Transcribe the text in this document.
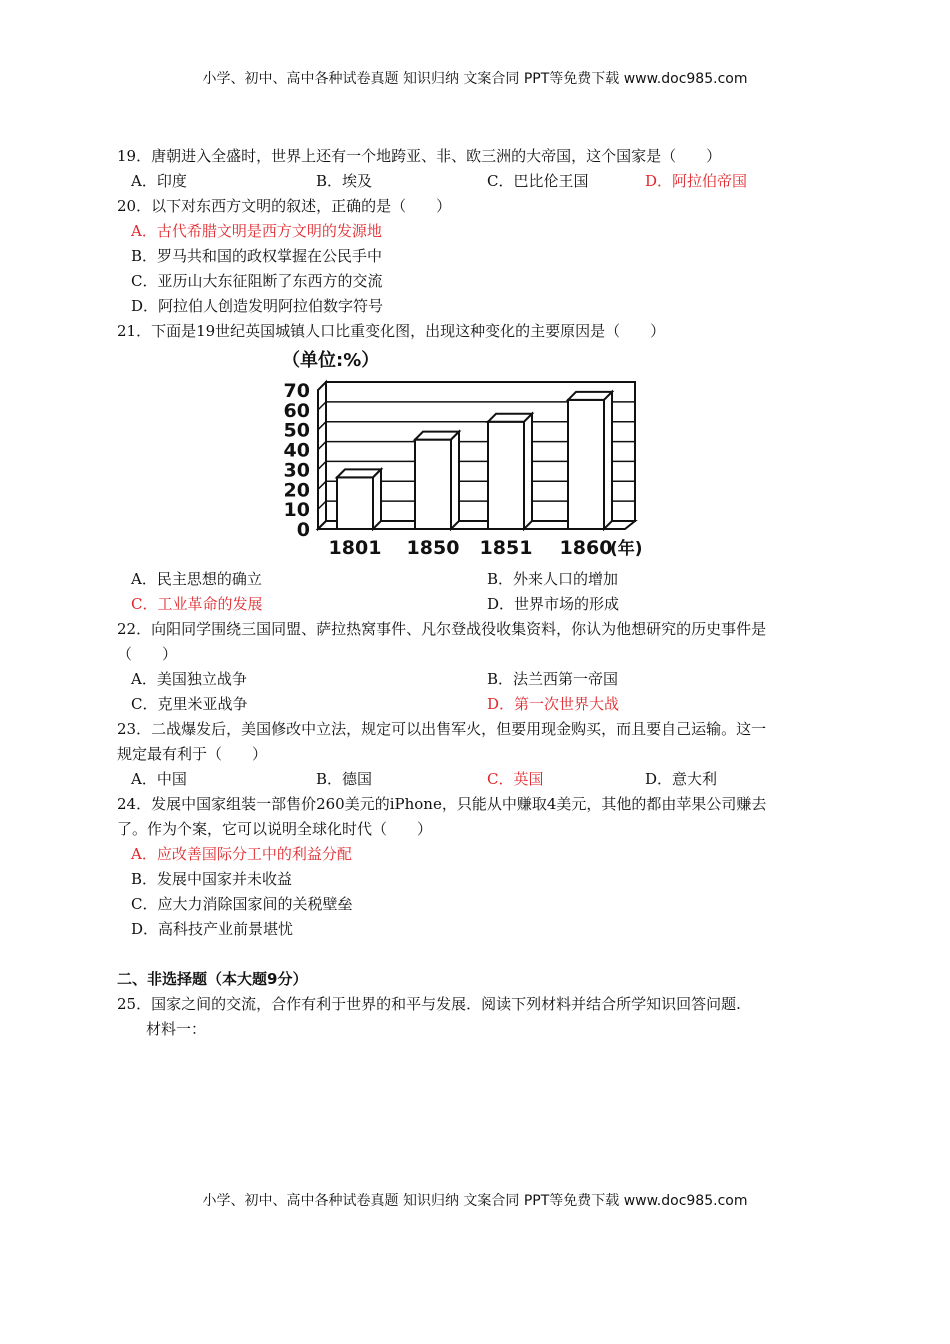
小学、初中、高中各种试卷真题 知识归纳 文案合同 PPT等免费下载 www.doc985.com
19．唐朝进入全盛时，世界上还有一个地跨亚、非、欧三洲的大帝国，这个国家是（　　）
A．印度	B．埃及	C．巴比伦王国	D．阿拉伯帝国
20．以下对东西方文明的叙述，正确的是（　　）
A．古代希腊文明是西方文明的发源地
B．罗马共和国的政权掌握在公民手中
C．亚历山大东征阻断了东西方的交流
D．阿拉伯人创造发明阿拉伯数字符号
21．下面是19世纪英国城镇人口比重变化图，出现这种变化的主要原因是（　　）
（单位:%）
0
10
20
30
40
50
60
70
1801 1850 1851 1860
(年)
A．民主思想的确立	B．外来人口的增加
C．工业革命的发展	D．世界市场的形成
22．向阳同学围绕三国同盟、萨拉热窝事件、凡尔登战役收集资料，你认为他想研究的历史事件是
（　　）
A．美国独立战争	B．法兰西第一帝国
C．克里米亚战争	D．第一次世界大战
23．二战爆发后，美国修改中立法，规定可以出售军火，但要用现金购买，而且要自己运输。这一
规定最有利于（　　）
A．中国	B．德国	C．英国	D．意大利
24．发展中国家组装一部售价260美元的iPhone，只能从中赚取4美元，其他的都由苹果公司赚去
了。作为个案，它可以说明全球化时代（　　）
A．应改善国际分工中的利益分配
B．发展中国家并未收益
C．应大力消除国家间的关税壁垒
D．高科技产业前景堪忧
二、非选择题（本大题9分）
25．国家之间的交流，合作有利于世界的和平与发展．阅读下列材料并结合所学知识回答问题.
材料一：
小学、初中、高中各种试卷真题 知识归纳 文案合同 PPT等免费下载 www.doc985.com
